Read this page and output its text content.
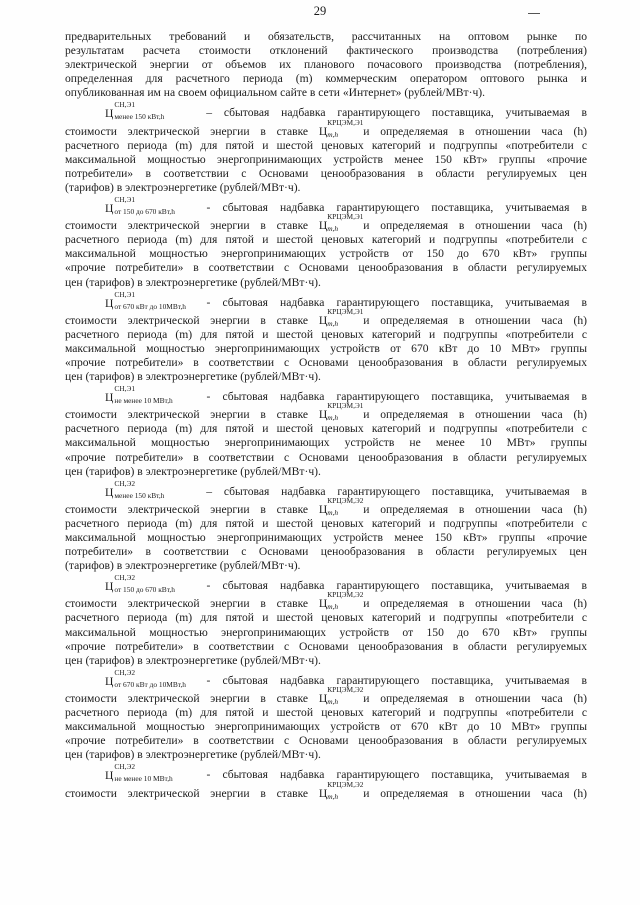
29
предварительных требований и обязательств, рассчитанных на оптовом рынке по
результатам расчета стоимости отклонений фактического производства (потребления)
электрической энергии от объемов их планового почасового производства (потребления),
определенная для расчетного периода (m) коммерческим оператором оптового рынка и
опубликованная им на своем официальном сайте в сети «Интернет» (рублей/МВт·ч).
Ц
СН,Э1
менее 150 кВт,h	– сбытовая надбавка гарантирующего поставщика, учитываемая в
стоимости электрической энергии в ставке Ц
КРЦЭМ,Э1
m,h и определяемая в отношении часа (h)
расчетного периода (m) для пятой и шестой ценовых категорий и подгруппы «потребители с
максимальной мощностью энергопринимающих устройств менее 150 кВт» группы «прочие
потребители» в соответствии с Основами ценообразования в области регулируемых цен
(тарифов) в электроэнергетике (рублей/МВт·ч).
Ц
СН,Э1
от 150 до 670 кВт,h - сбытовая надбавка гарантирующего поставщика, учитываемая в
стоимости электрической энергии в ставке Ц
КРЦЭМ,Э1
m,h и определяемая в отношении часа (h)
расчетного периода (m) для пятой и шестой ценовых категорий и подгруппы «потребители с
максимальной мощностью энергопринимающих устройств от 150 до 670 кВт» группы
«прочие потребители» в соответствии с Основами ценообразования в области регулируемых
цен (тарифов) в электроэнергетике (рублей/МВт·ч).
Ц
СН,Э1
от 670 кВт до 10МВт,h - сбытовая надбавка гарантирующего поставщика, учитываемая в
стоимости электрической энергии в ставке Ц
КРЦЭМ,Э1
m,h и определяемая в отношении часа (h)
расчетного периода (m) для пятой и шестой ценовых категорий и подгруппы «потребители с
максимальной мощностью энергопринимающих устройств от 670 кВт до 10 МВт» группы
«прочие потребители» в соответствии с Основами ценообразования в области регулируемых
цен (тарифов) в электроэнергетике (рублей/МВт·ч).
Ц
СН,Э1
не менее 10 МВт,h - сбытовая надбавка гарантирующего поставщика, учитываемая в
стоимости электрической энергии в ставке Ц
КРЦЭМ,Э1
m,h и определяемая в отношении часа (h)
расчетного периода (m) для пятой и шестой ценовых категорий и подгруппы «потребители с
максимальной мощностью энергопринимающих устройств не менее 10 МВт» группы
«прочие потребители» в соответствии с Основами ценообразования в области регулируемых
цен (тарифов) в электроэнергетике (рублей/МВт·ч).
Ц
СН,Э2
менее 150 кВт,h	– сбытовая надбавка гарантирующего поставщика, учитываемая в
стоимости электрической энергии в ставке Ц
КРЦЭМ,Э2
m,h и определяемая в отношении часа (h)
расчетного периода (m) для пятой и шестой ценовых категорий и подгруппы «потребители с
максимальной мощностью энергопринимающих устройств менее 150 кВт» группы «прочие
потребители» в соответствии с Основами ценообразования в области регулируемых цен
(тарифов) в электроэнергетике (рублей/МВт·ч).
Ц
СН,Э2
от 150 до 670 кВт,h - сбытовая надбавка гарантирующего поставщика, учитываемая в
стоимости электрической энергии в ставке Ц
КРЦЭМ,Э2
m,h и определяемая в отношении часа (h)
расчетного периода (m) для пятой и шестой ценовых категорий и подгруппы «потребители с
максимальной мощностью энергопринимающих устройств от 150 до 670 кВт» группы
«прочие потребители» в соответствии с Основами ценообразования в области регулируемых
цен (тарифов) в электроэнергетике (рублей/МВт·ч).
Ц
СН,Э2
от 670 кВт до 10МВт,h - сбытовая надбавка гарантирующего поставщика, учитываемая в
стоимости электрической энергии в ставке Ц
КРЦЭМ,Э2
m,h и определяемая в отношении часа (h)
расчетного периода (m) для пятой и шестой ценовых категорий и подгруппы «потребители с
максимальной мощностью энергопринимающих устройств от 670 кВт до 10 МВт» группы
«прочие потребители» в соответствии с Основами ценообразования в области регулируемых
цен (тарифов) в электроэнергетике (рублей/МВт·ч).
Ц
СН,Э2
не менее 10 МВт,h - сбытовая надбавка гарантирующего поставщика, учитываемая в
стоимости электрической энергии в ставке Ц
КРЦЭМ,Э2
m,h и определяемая в отношении часа (h)
